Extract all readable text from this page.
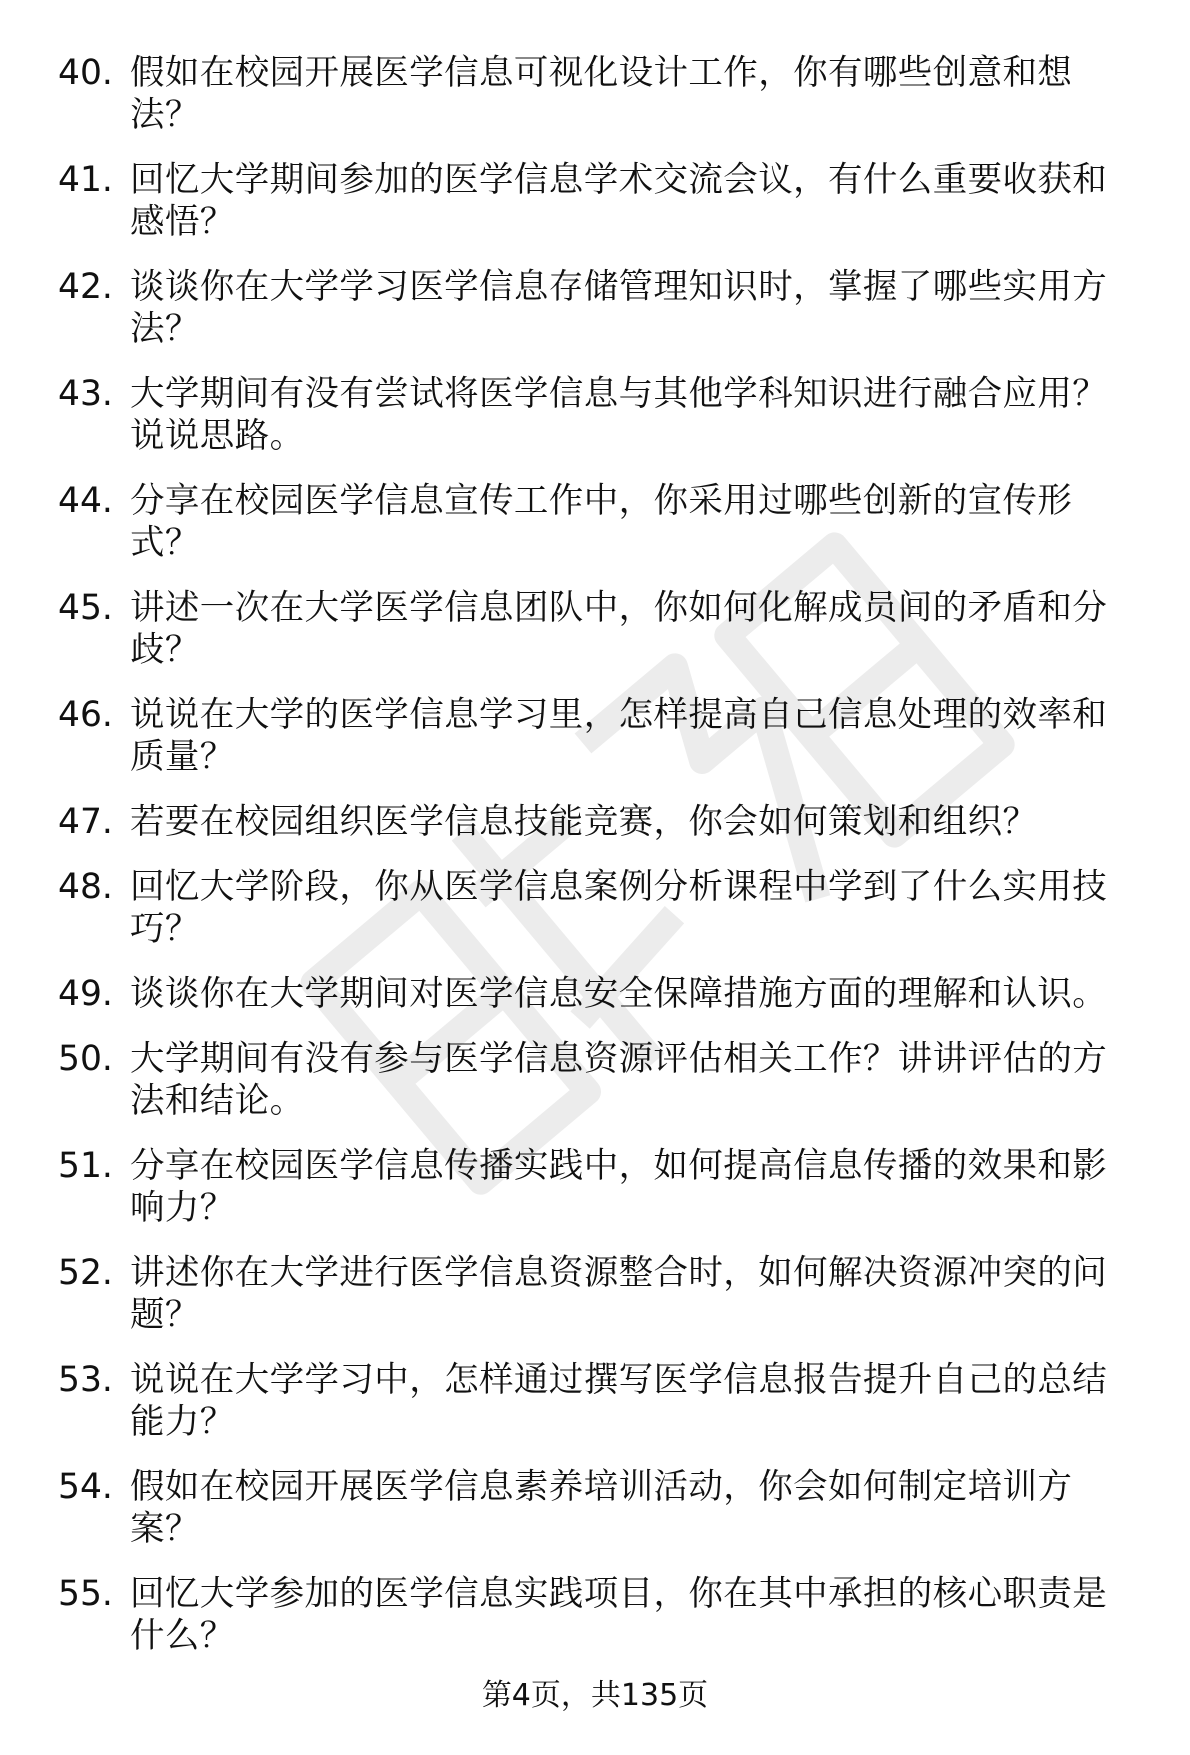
40. 假如在校园开展医学信息可视化设计工作，你有哪些创意和想法？
41. 回忆大学期间参加的医学信息学术交流会议，有什么重要收获和感悟？
42. 谈谈你在大学学习医学信息存储管理知识时，掌握了哪些实用方法？
43. 大学期间有没有尝试将医学信息与其他学科知识进行融合应用？说说思路。
44. 分享在校园医学信息宣传工作中，你采用过哪些创新的宣传形式？
45. 讲述一次在大学医学信息团队中，你如何化解成员间的矛盾和分歧？
46. 说说在大学的医学信息学习里，怎样提高自己信息处理的效率和质量？
47. 若要在校园组织医学信息技能竞赛，你会如何策划和组织？
48. 回忆大学阶段，你从医学信息案例分析课程中学到了什么实用技巧？
49. 谈谈你在大学期间对医学信息安全保障措施方面的理解和认识。
50. 大学期间有没有参与医学信息资源评估相关工作？讲讲评估的方法和结论。
51. 分享在校园医学信息传播实践中，如何提高信息传播的效果和影响力？
52. 讲述你在大学进行医学信息资源整合时，如何解决资源冲突的问题？
53. 说说在大学学习中，怎样通过撰写医学信息报告提升自己的总结能力？
54. 假如在校园开展医学信息素养培训活动，你会如何制定培训方案？
55. 回忆大学参加的医学信息实践项目，你在其中承担的核心职责是什么？
第4页，共135页
